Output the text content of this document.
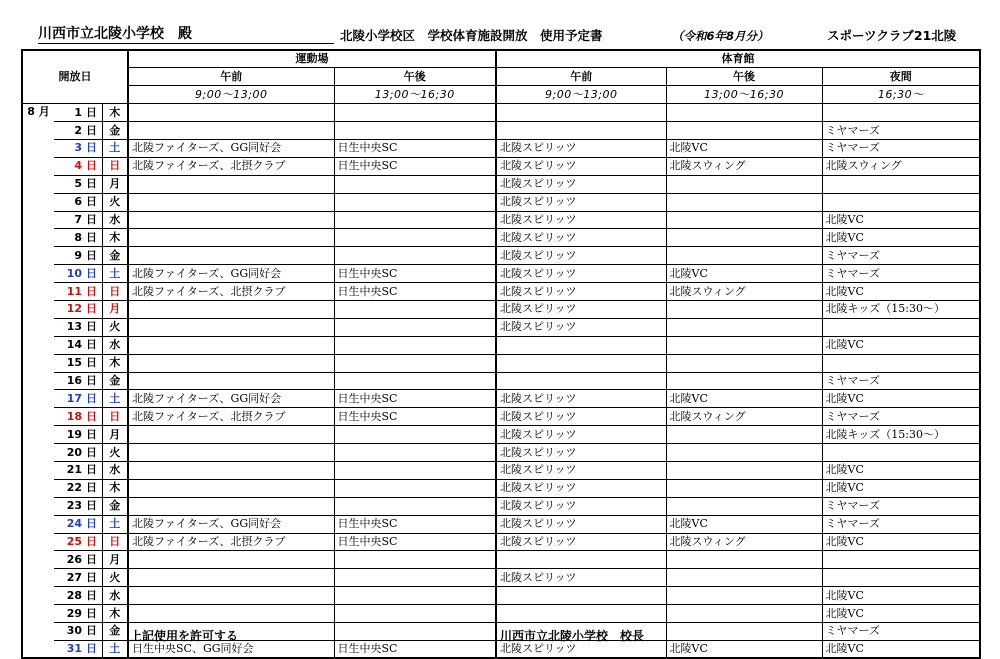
川西市立北陵小学校　殿	北陵小学校区　学校体育施設開放　使用予定書	（令和6年8月分）	スポーツクラブ21北陵
開放日				運動場		体育館		
				午前	午後	午前	午後	夜間
				9;00～13;00	13;00～16;30	9;00～13;00	13;00～16;30	16;30～
8 月	1	日	木					
	2	日	金					ミヤマーズ
	3	日	土	北陵ファイターズ、GG同好会	日生中央SC	北陵スピリッツ	北陵VC	ミヤマーズ
	4	日	日	北陵ファイターズ、北摂クラブ	日生中央SC	北陵スピリッツ	北陵スウィング	北陵スウィング
	5	日	月			北陵スピリッツ		
	6	日	火			北陵スピリッツ		
	7	日	水			北陵スピリッツ		北陵VC
	8	日	木			北陵スピリッツ		北陵VC
	9	日	金			北陵スピリッツ		ミヤマーズ
	10	日	土	北陵ファイターズ、GG同好会	日生中央SC	北陵スピリッツ	北陵VC	ミヤマーズ
	11	日	日	北陵ファイターズ、北摂クラブ	日生中央SC	北陵スピリッツ	北陵スウィング	北陵VC
	12	日	月			北陵スピリッツ		北陵キッズ（15:30～）
	13	日	火			北陵スピリッツ		
	14	日	水					北陵VC
	15	日	木					
	16	日	金					ミヤマーズ
	17	日	土	北陵ファイターズ、GG同好会	日生中央SC	北陵スピリッツ	北陵VC	北陵VC
	18	日	日	北陵ファイターズ、北摂クラブ	日生中央SC	北陵スピリッツ	北陵スウィング	ミヤマーズ
	19	日	月			北陵スピリッツ		北陵キッズ（15:30～）
	20	日	火			北陵スピリッツ		
	21	日	水			北陵スピリッツ		北陵VC
	22	日	木			北陵スピリッツ		北陵VC
	23	日	金			北陵スピリッツ		ミヤマーズ
	24	日	土	北陵ファイターズ、GG同好会	日生中央SC	北陵スピリッツ	北陵VC	ミヤマーズ
	25	日	日	北陵ファイターズ、北摂クラブ	日生中央SC	北陵スピリッツ	北陵スウィング	北陵VC
	26	日	月					
	27	日	火			北陵スピリッツ		
	28	日	水					北陵VC
	29	日	木					北陵VC
	30	日	金					ミヤマーズ
	31	日	土	日生中央SC、GG同好会	日生中央SC	北陵スピリッツ	北陵VC	北陵VC
上記使用を許可する	川西市立北陵小学校　校長
